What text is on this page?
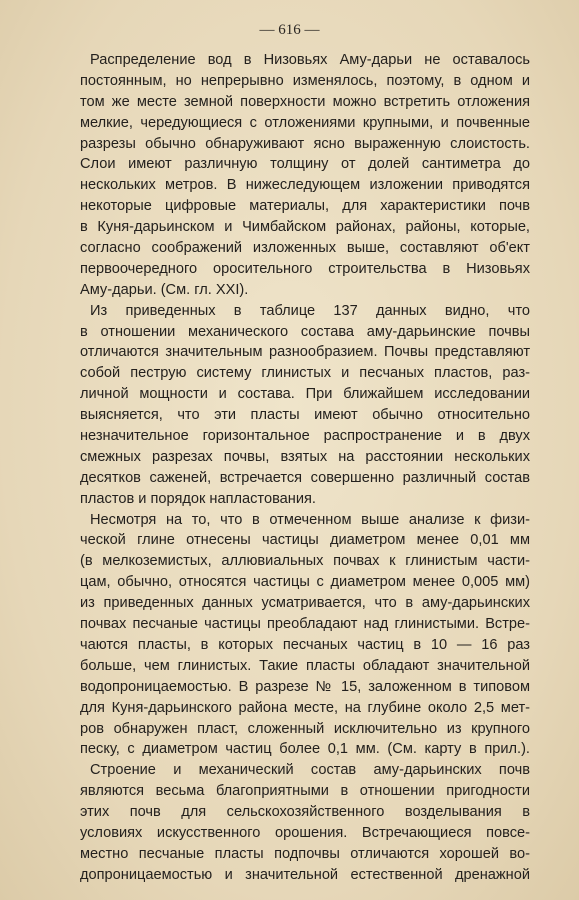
— 616 —
Распределение вод в Низовьях Аму-дарьи не оставалось
постоянным, но непрерывно изменялось, поэтому, в одном и
том же месте земной поверхности можно встретить отложения
мелкие, чередующиеся с отложениями крупными, и почвенные
разрезы обычно обнаруживают ясно выраженную слоистость.
Слои имеют различную толщину от долей сантиметра до
нескольких метров. В нижеследующем изложении приводятся
некоторые цифровые материалы, для характеристики почв
в Куня-дарьинском и Чимбайском районах, районы, которые,
согласно соображений изложенных выше, составляют об'ект
первоочередного оросительного строительства в Низовьях
Аму-дарьи. (См. гл. XXI).
Из приведенных в таблице 137 данных видно, что
в отношении механического состава аму-дарьинские почвы
отличаются значительным разнообразием. Почвы представляют
собой пеструю систему глинистых и песчаных пластов, раз-
личной мощности и состава. При ближайшем исследовании
выясняется, что эти пласты имеют обычно относительно
незначительное горизонтальное распространение и в двух
смежных разрезах почвы, взятых на расстоянии нескольких
десятков саженей, встречается совершенно различный состав
пластов и порядок напластования.
Несмотря на то, что в отмеченном выше анализе к физи-
ческой глине отнесены частицы диаметром менее 0,01 мм
(в мелкоземистых, аллювиальных почвах к глинистым части-
цам, обычно, относятся частицы с диаметром менее 0,005 мм)
из приведенных данных усматривается, что в аму-дарьинских
почвах песчаные частицы преобладают над глинистыми. Встре-
чаются пласты, в которых песчаных частиц в 10 — 16 раз
больше, чем глинистых. Такие пласты обладают значительной
водопроницаемостью. В разрезе № 15, заложенном в типовом
для Куня-дарьинского района месте, на глубине около 2,5 мет-
ров обнаружен пласт, сложенный исключительно из крупного
песку, с диаметром частиц более 0,1 мм. (См. карту в прил.).
Строение и механический состав аму-дарьинских почв
являются весьма благоприятными в отношении пригодности
этих почв для сельскохозяйственного возделывания в
условиях искусственного орошения. Встречающиеся повсе-
местно песчаные пласты подпочвы отличаются хорошей во-
допроницаемостью и значительной естественной дренажной
